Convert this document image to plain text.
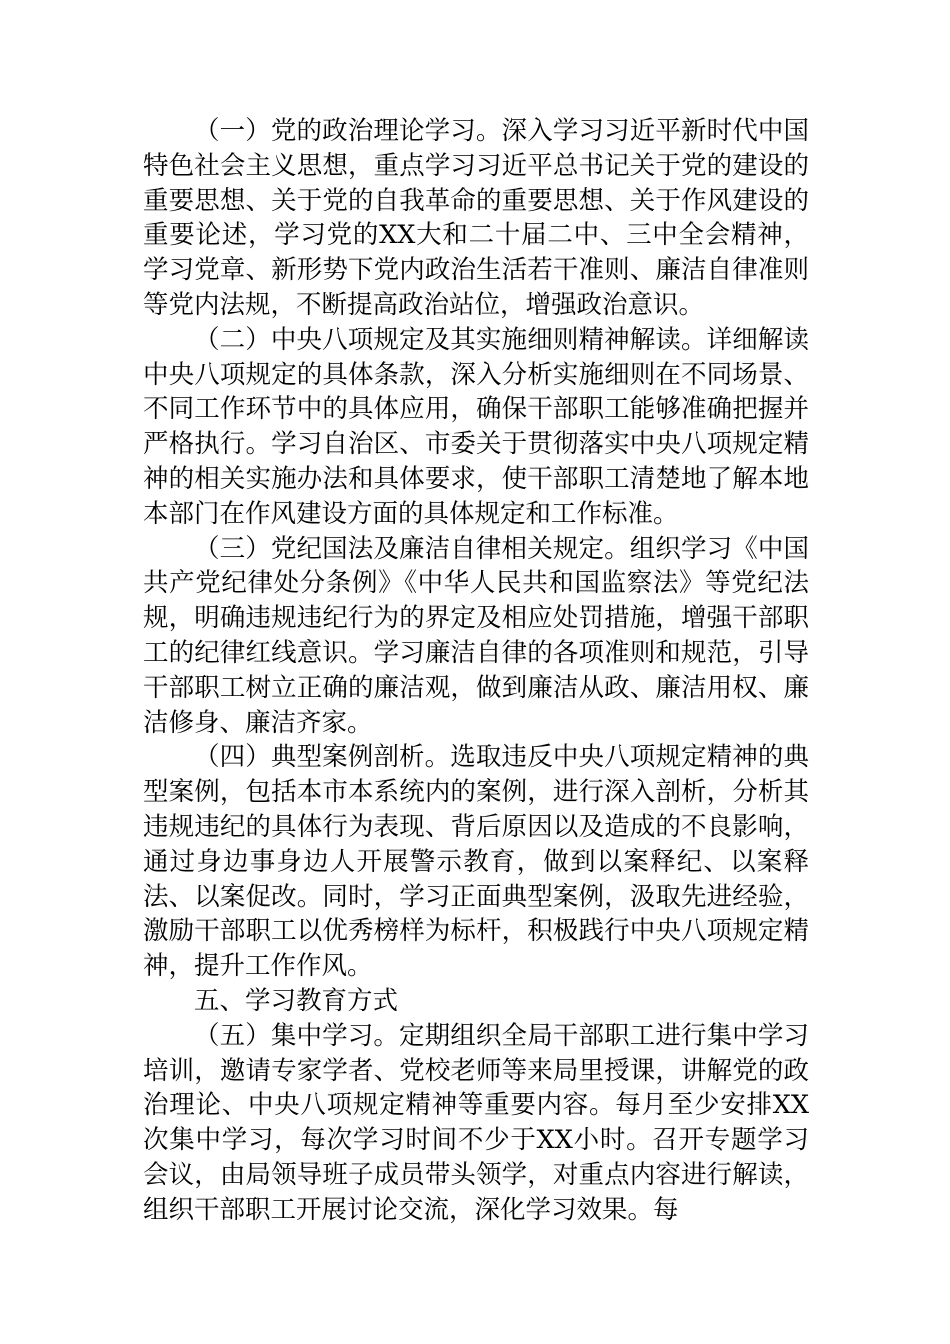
（一）党的政治理论学习。深入学习习近平新时代中国特色社会主义思想，重点学习习近平总书记关于党的建设的重要思想、关于党的自我革命的重要思想、关于作风建设的重要论述，学习党的XX大和二十届二中、三中全会精神，学习党章、新形势下党内政治生活若干准则、廉洁自律准则等党内法规，不断提高政治站位，增强政治意识。

（二）中央八项规定及其实施细则精神解读。详细解读中央八项规定的具体条款，深入分析实施细则在不同场景、不同工作环节中的具体应用，确保干部职工能够准确把握并严格执行。学习自治区、市委关于贯彻落实中央八项规定精神的相关实施办法和具体要求，使干部职工清楚地了解本地本部门在作风建设方面的具体规定和工作标准。

（三）党纪国法及廉洁自律相关规定。组织学习《中国共产党纪律处分条例》《中华人民共和国监察法》等党纪法规，明确违规违纪行为的界定及相应处罚措施，增强干部职工的纪律红线意识。学习廉洁自律的各项准则和规范，引导干部职工树立正确的廉洁观，做到廉洁从政、廉洁用权、廉洁修身、廉洁齐家。

（四）典型案例剖析。选取违反中央八项规定精神的典型案例，包括本市本系统内的案例，进行深入剖析，分析其违规违纪的具体行为表现、背后原因以及造成的不良影响，通过身边事身边人开展警示教育，做到以案释纪、以案释法、以案促改。同时，学习正面典型案例，汲取先进经验，激励干部职工以优秀榜样为标杆，积极践行中央八项规定精神，提升工作作风。

五、学习教育方式

（五）集中学习。定期组织全局干部职工进行集中学习培训，邀请专家学者、党校老师等来局里授课，讲解党的政治理论、中央八项规定精神等重要内容。每月至少安排XX次集中学习，每次学习时间不少于XX小时。召开专题学习会议，由局领导班子成员带头领学，对重点内容进行解读，组织干部职工开展讨论交流，深化学习效果。每
